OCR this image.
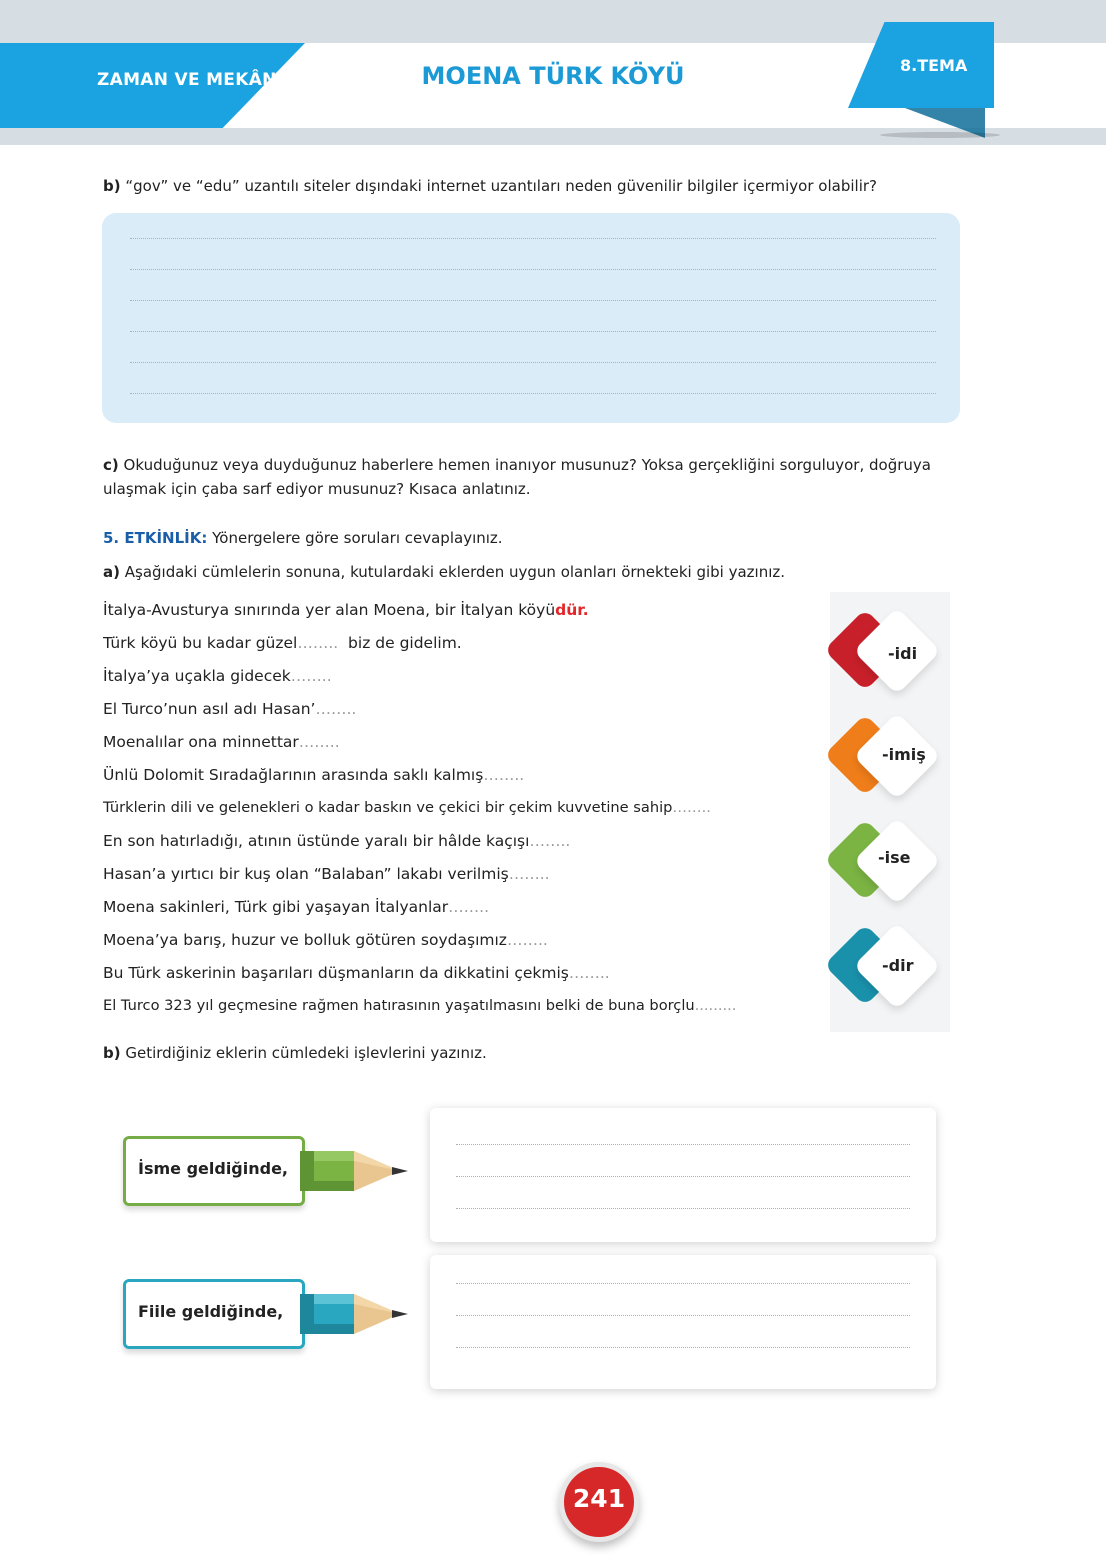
ZAMAN VE MEKÂN	MOENA TÜRK KÖYÜ	8.TEMA
b) “gov” ve “edu” uzantılı siteler dışındaki internet uzantıları neden güvenilir bilgiler içermiyor olabilir?
c) Okuduğunuz veya duyduğunuz haberlere hemen inanıyor musunuz? Yoksa gerçekliğini sorguluyor, doğruya ulaşmak için çaba sarf ediyor musunuz? Kısaca anlatınız.
5. ETKİNLİK: Yönergelere göre soruları cevaplayınız.
a) Aşağıdaki cümlelerin sonuna, kutulardaki eklerden uygun olanları örnekteki gibi yazınız.
İtalya-Avusturya sınırında yer alan Moena, bir İtalyan köyüdür.
Türk köyü bu kadar güzel……..  biz de gidelim.
İtalya’ya uçakla gidecek……..
El Turco’nun asıl adı Hasan’……..
Moenalılar ona minnettar……..
Ünlü Dolomit Sıradağlarının arasında saklı kalmış……..
Türklerin dili ve gelenekleri o kadar baskın ve çekici bir çekim kuvvetine sahip……..
En son hatırladığı, atının üstünde yaralı bir hâlde kaçışı……..
Hasan’a yırtıcı bir kuş olan “Balaban” lakabı verilmiş……..
Moena sakinleri, Türk gibi yaşayan İtalyanlar……..
Moena’ya barış, huzur ve bolluk götüren soydaşımız……..
Bu Türk askerinin başarıları düşmanların da dikkatini çekmiş……..
El Turco 323 yıl geçmesine rağmen hatırasının yaşatılmasını belki de buna borçlu.........
-idi
-imiş
-ise
-dir
b) Getirdiğiniz eklerin cümledeki işlevlerini yazınız.
İsme geldiğinde,
Fiile geldiğinde,
241
